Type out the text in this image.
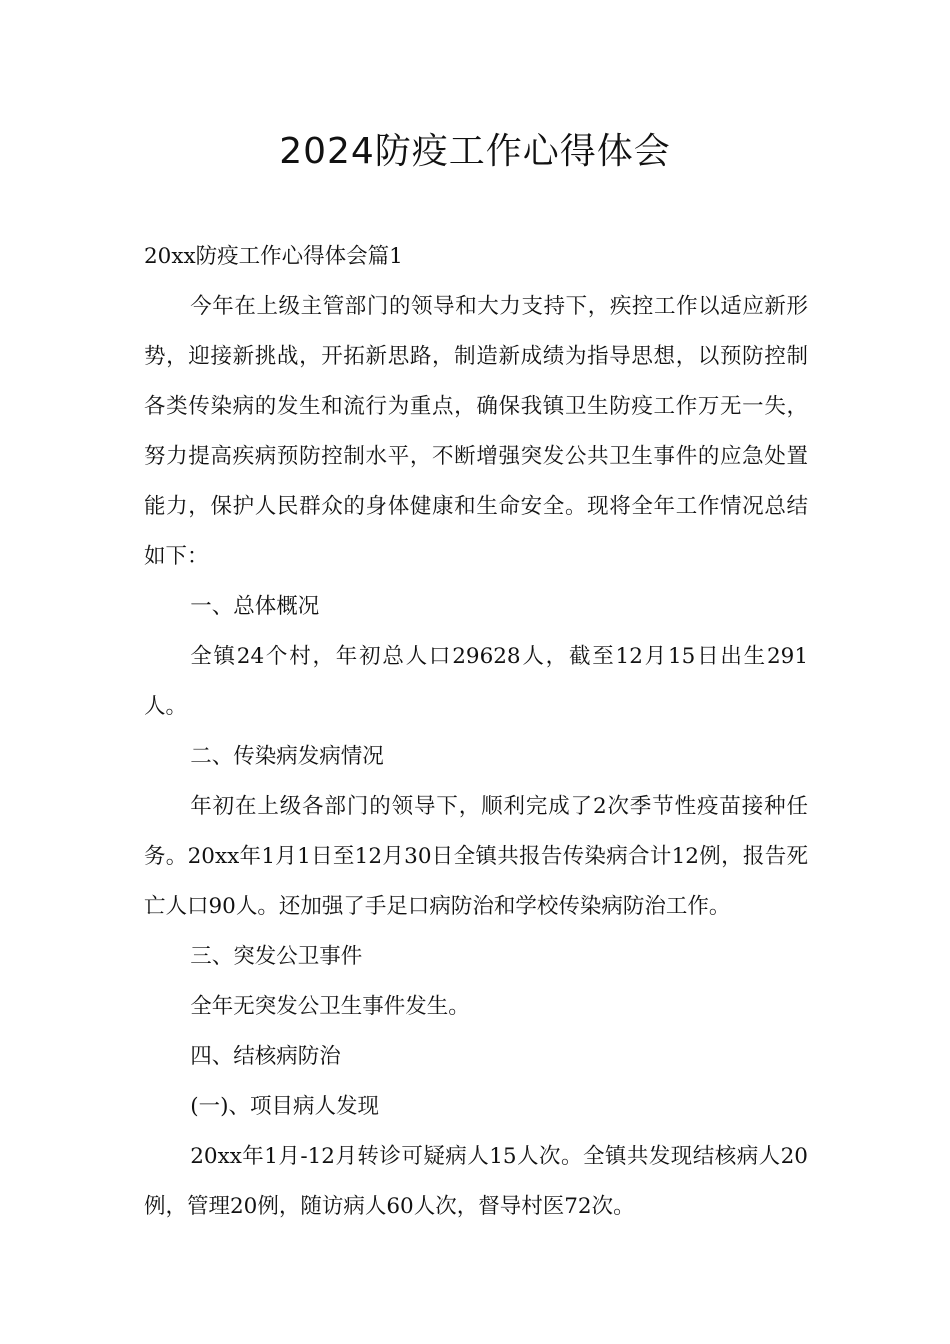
2024防疫工作心得体会

20xx防疫工作心得体会篇1

今年在上级主管部门的领导和大力支持下，疾控工作以适应新形势，迎接新挑战，开拓新思路，制造新成绩为指导思想，以预防控制各类传染病的发生和流行为重点，确保我镇卫生防疫工作万无一失，努力提高疾病预防控制水平，不断增强突发公共卫生事件的应急处置能力，保护人民群众的身体健康和生命安全。现将全年工作情况总结如下：

一、总体概况

全镇24个村，年初总人口29628人，截至12月15日出生291人。

二、传染病发病情况

年初在上级各部门的领导下，顺利完成了2次季节性疫苗接种任务。20xx年1月1日至12月30日全镇共报告传染病合计12例，报告死亡人口90人。还加强了手足口病防治和学校传染病防治工作。

三、突发公卫事件

全年无突发公卫生事件发生。

四、结核病防治

(一)、项目病人发现

20xx年1月-12月转诊可疑病人15人次。全镇共发现结核病人20例，管理20例，随访病人60人次，督导村医72次。
